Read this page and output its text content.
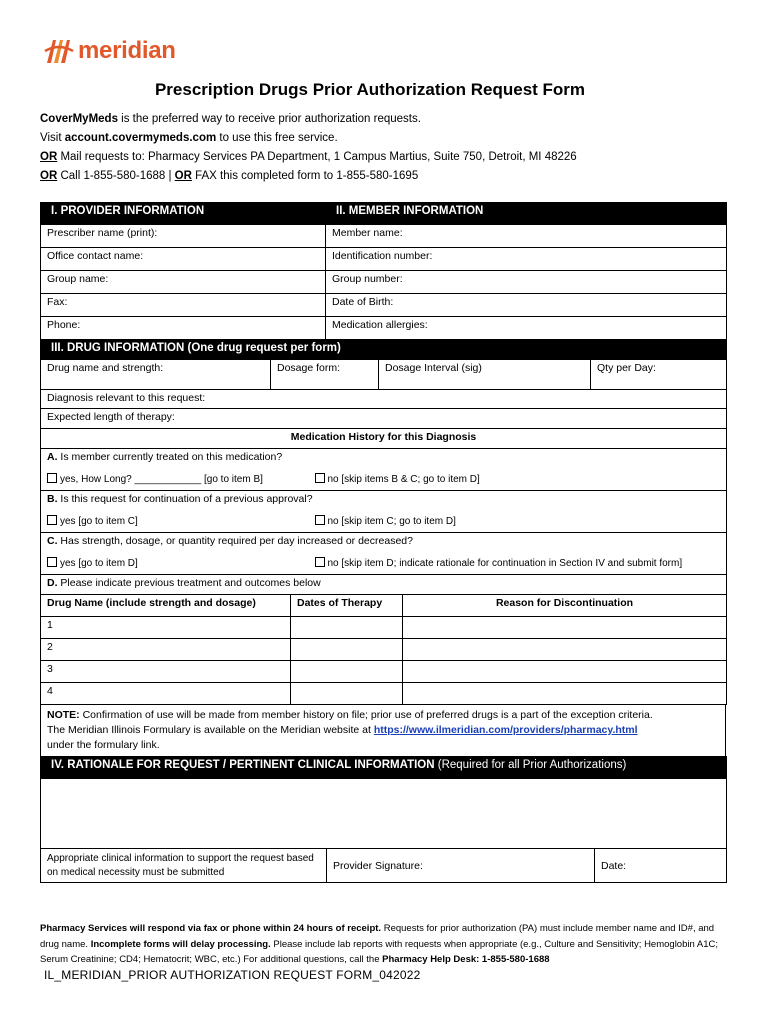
meridian
Prescription Drugs Prior Authorization Request Form
CoverMyMeds is the preferred way to receive prior authorization requests.
Visit account.covermymeds.com to use this free service.
OR Mail requests to: Pharmacy Services PA Department, 1 Campus Martius, Suite 750, Detroit, MI 48226
OR Call 1-855-580-1688 | OR FAX this completed form to 1-855-580-1695
I. PROVIDER INFORMATION	II. MEMBER INFORMATION
Prescriber name (print):	Member name:
Office contact name:	Identification number:
Group name:	Group number:
Fax:	Date of Birth:
Phone:	Medication allergies:
III. DRUG INFORMATION (One drug request per form)
Drug name and strength:	Dosage form:	Dosage Interval (sig)	Qty per Day:
Diagnosis relevant to this request:
Expected length of therapy:
Medication History for this Diagnosis
A. Is member currently treated on this medication?	
yes, How Long? ____________ [go to item B]	no [skip items B & C; go to item D]
B. Is this request for continuation of a previous approval?	
yes [go to item C]	no [skip item C; go to item D]
C. Has strength, dosage, or quantity required per day increased or decreased?	
yes [go to item D]	no [skip item D; indicate rationale for continuation in Section IV and submit form]
D. Please indicate previous treatment and outcomes below	
Drug Name (include strength and dosage)	Dates of Therapy	Reason for Discontinuation
1		
2		
3		
4		
NOTE: Confirmation of use will be made from member history on file; prior use of preferred drugs is a part of the exception criteria.
The Meridian Illinois Formulary is available on the Meridian website at https://www.ilmeridian.com/providers/pharmacy.html
under the formulary link.
IV. RATIONALE FOR REQUEST / PERTINENT CLINICAL INFORMATION (Required for all Prior Authorizations)

Appropriate clinical information to support the request based on medical necessity must be submitted	Provider Signature:	Date:
Pharmacy Services will respond via fax or phone within 24 hours of receipt. Requests for prior authorization (PA) must include member name and ID#, and drug name. Incomplete forms will delay processing. Please include lab reports with requests when appropriate (e.g., Culture and Sensitivity; Hemoglobin A1C; Serum Creatinine; CD4; Hematocrit; WBC, etc.) For additional questions, call the Pharmacy Help Desk: 1-855-580-1688
IL_MERIDIAN_PRIOR AUTHORIZATION REQUEST FORM_042022
